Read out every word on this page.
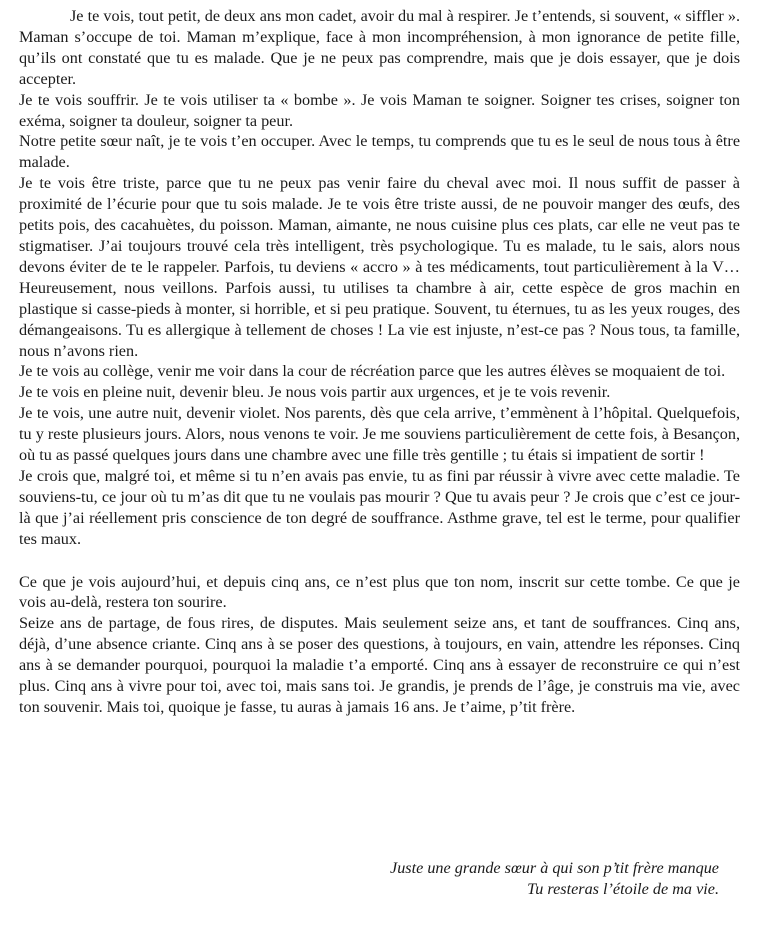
Je te vois, tout petit, de deux ans mon cadet, avoir du mal à respirer. Je t’entends, si souvent, « siffler ». Maman s’occupe de toi. Maman m’explique, face à mon incompréhension, à mon ignorance de petite fille, qu’ils ont constaté que tu es malade. Que je ne peux pas comprendre, mais que je dois essayer, que je dois accepter.

Je te vois souffrir. Je te vois utiliser ta « bombe ». Je vois Maman te soigner. Soigner tes crises, soigner ton exéma, soigner ta douleur, soigner ta peur.

Notre petite sœur naît, je te vois t’en occuper. Avec le temps, tu comprends que tu es le seul de nous tous à être malade.

Je te vois être triste, parce que tu ne peux pas venir faire du cheval avec moi. Il nous suffit de passer à proximité de l’écurie pour que tu sois malade. Je te vois être triste aussi, de ne pouvoir manger des œufs, des petits pois, des cacahuètes, du poisson. Maman, aimante, ne nous cuisine plus ces plats, car elle ne veut pas te stigmatiser. J’ai toujours trouvé cela très intelligent, très psychologique. Tu es malade, tu le sais, alors nous devons éviter de te le rappeler. Parfois, tu deviens « accro » à tes médicaments, tout particulièrement à la V… Heureusement, nous veillons. Parfois aussi, tu utilises ta chambre à air, cette espèce de gros machin en plastique si casse-pieds à monter, si horrible, et si peu pratique. Souvent, tu éternues, tu as les yeux rouges, des démangeaisons. Tu es allergique à tellement de choses ! La vie est injuste, n’est-ce pas ? Nous tous, ta famille, nous n’avons rien.

Je te vois au collège, venir me voir dans la cour de récréation parce que les autres élèves se moquaient de toi.

Je te vois en pleine nuit, devenir bleu. Je nous vois partir aux urgences, et je te vois revenir.

Je te vois, une autre nuit, devenir violet. Nos parents, dès que cela arrive, t’emmènent à l’hôpital. Quelquefois, tu y reste plusieurs jours. Alors, nous venons te voir. Je me souviens particulièrement de cette fois, à Besançon, où tu as passé quelques jours dans une chambre avec une fille très gentille ; tu étais si impatient de sortir !

Je crois que, malgré toi, et même si tu n’en avais pas envie, tu as fini par réussir à vivre avec cette maladie. Te souviens-tu, ce jour où tu m’as dit que tu ne voulais pas mourir ? Que tu avais peur ? Je crois que c’est ce jour-là que j’ai réellement pris conscience de ton degré de souffrance. Asthme grave, tel est le terme, pour qualifier tes maux.

Ce que je vois aujourd’hui, et depuis cinq ans, ce n’est plus que ton nom, inscrit sur cette tombe. Ce que je vois au-delà, restera ton sourire.

Seize ans de partage, de fous rires, de disputes. Mais seulement seize ans, et tant de souffrances. Cinq ans, déjà, d’une absence criante. Cinq ans à se poser des questions, à toujours, en vain, attendre les réponses. Cinq ans à se demander pourquoi, pourquoi la maladie t’a emporté. Cinq ans à essayer de reconstruire ce qui n’est plus. Cinq ans à vivre pour toi, avec toi, mais sans toi. Je grandis, je prends de l’âge, je construis ma vie, avec ton souvenir. Mais toi, quoique je fasse, tu auras à jamais 16 ans. Je t’aime, p’tit frère.

Juste une grande sœur à qui son p’tit frère manque
Tu resteras l’étoile de ma vie.
